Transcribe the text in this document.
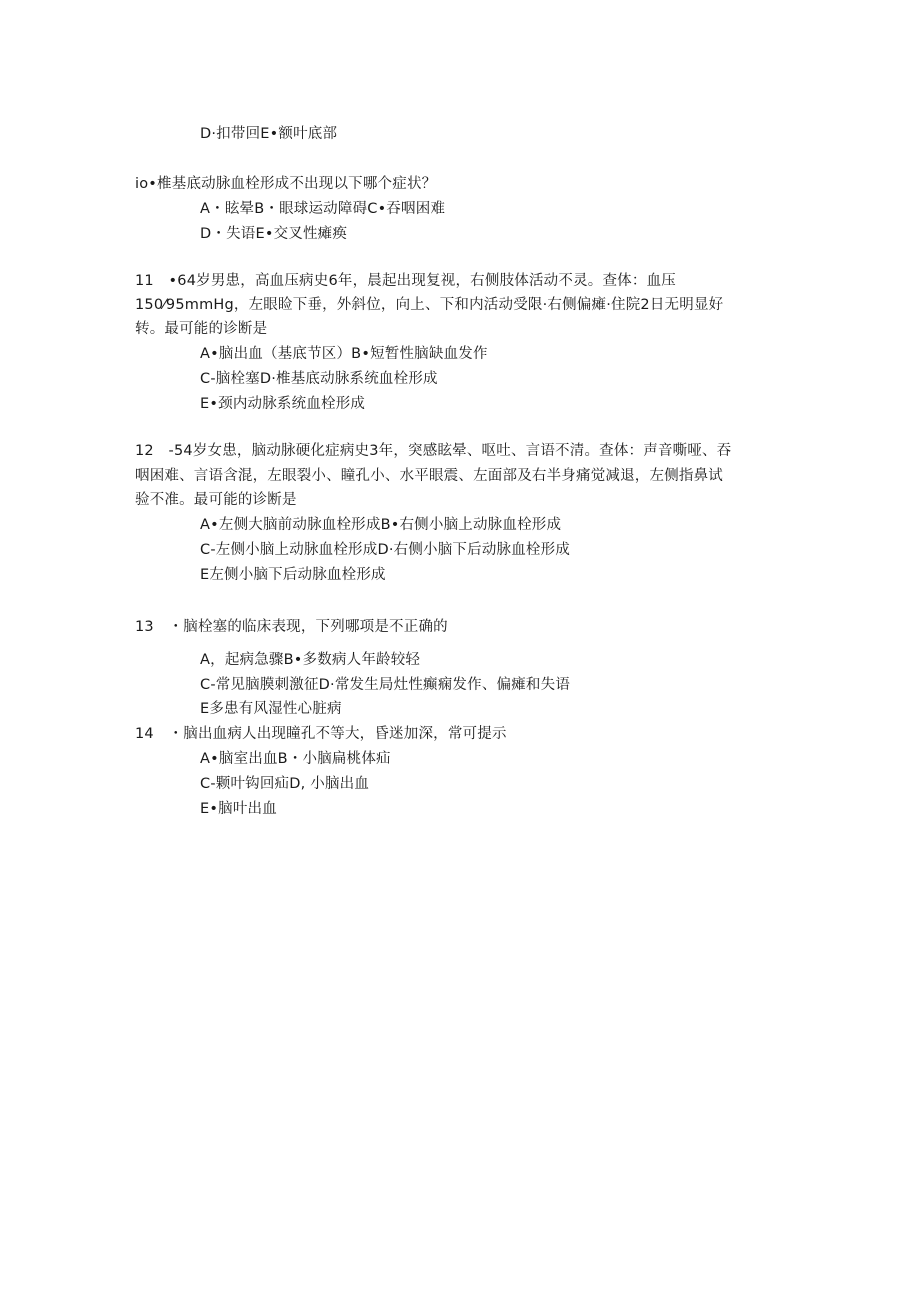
D·扣带回E•额叶底部
io•椎基底动脉血栓形成不出现以下哪个症状？
A・眩晕B・眼球运动障碍C•吞咽困难
D・失语E•交叉性瘫痪
11　•64岁男患，高血压病史6年，晨起出现复视，右侧肢体活动不灵。查体：血压
150⁄95mmHg，左眼睑下垂，外斜位，向上、下和内活动受限·右侧偏瘫·住院2日无明显好
转。最可能的诊断是
A•脑出血（基底节区）B•短暂性脑缺血发作
C-脑栓塞D·椎基底动脉系统血栓形成
E•颈内动脉系统血栓形成
12　-54岁女患，脑动脉硬化症病史3年，突感眩晕、呕吐、言语不清。查体：声音嘶哑、吞
咽困难、言语含混，左眼裂小、瞳孔小、水平眼震、左面部及右半身痛觉减退，左侧指鼻试
验不准。最可能的诊断是
A•左侧大脑前动脉血栓形成B•右侧小脑上动脉血栓形成
C-左侧小脑上动脉血栓形成D·右侧小脑下后动脉血栓形成
E左侧小脑下后动脉血栓形成
13　・脑栓塞的临床表现，下列哪项是不正确的
A，起病急骤B•多数病人年龄较轻
C-常见脑膜刺激征D·常发生局灶性癫痫发作、偏瘫和失语
E多患有风湿性心脏病
14　・脑出血病人出现瞳孔不等大，昏迷加深，常可提示
A•脑室出血B・小脑扁桃体疝
C-颗叶钩回疝D, 小脑出血
E•脑叶出血
